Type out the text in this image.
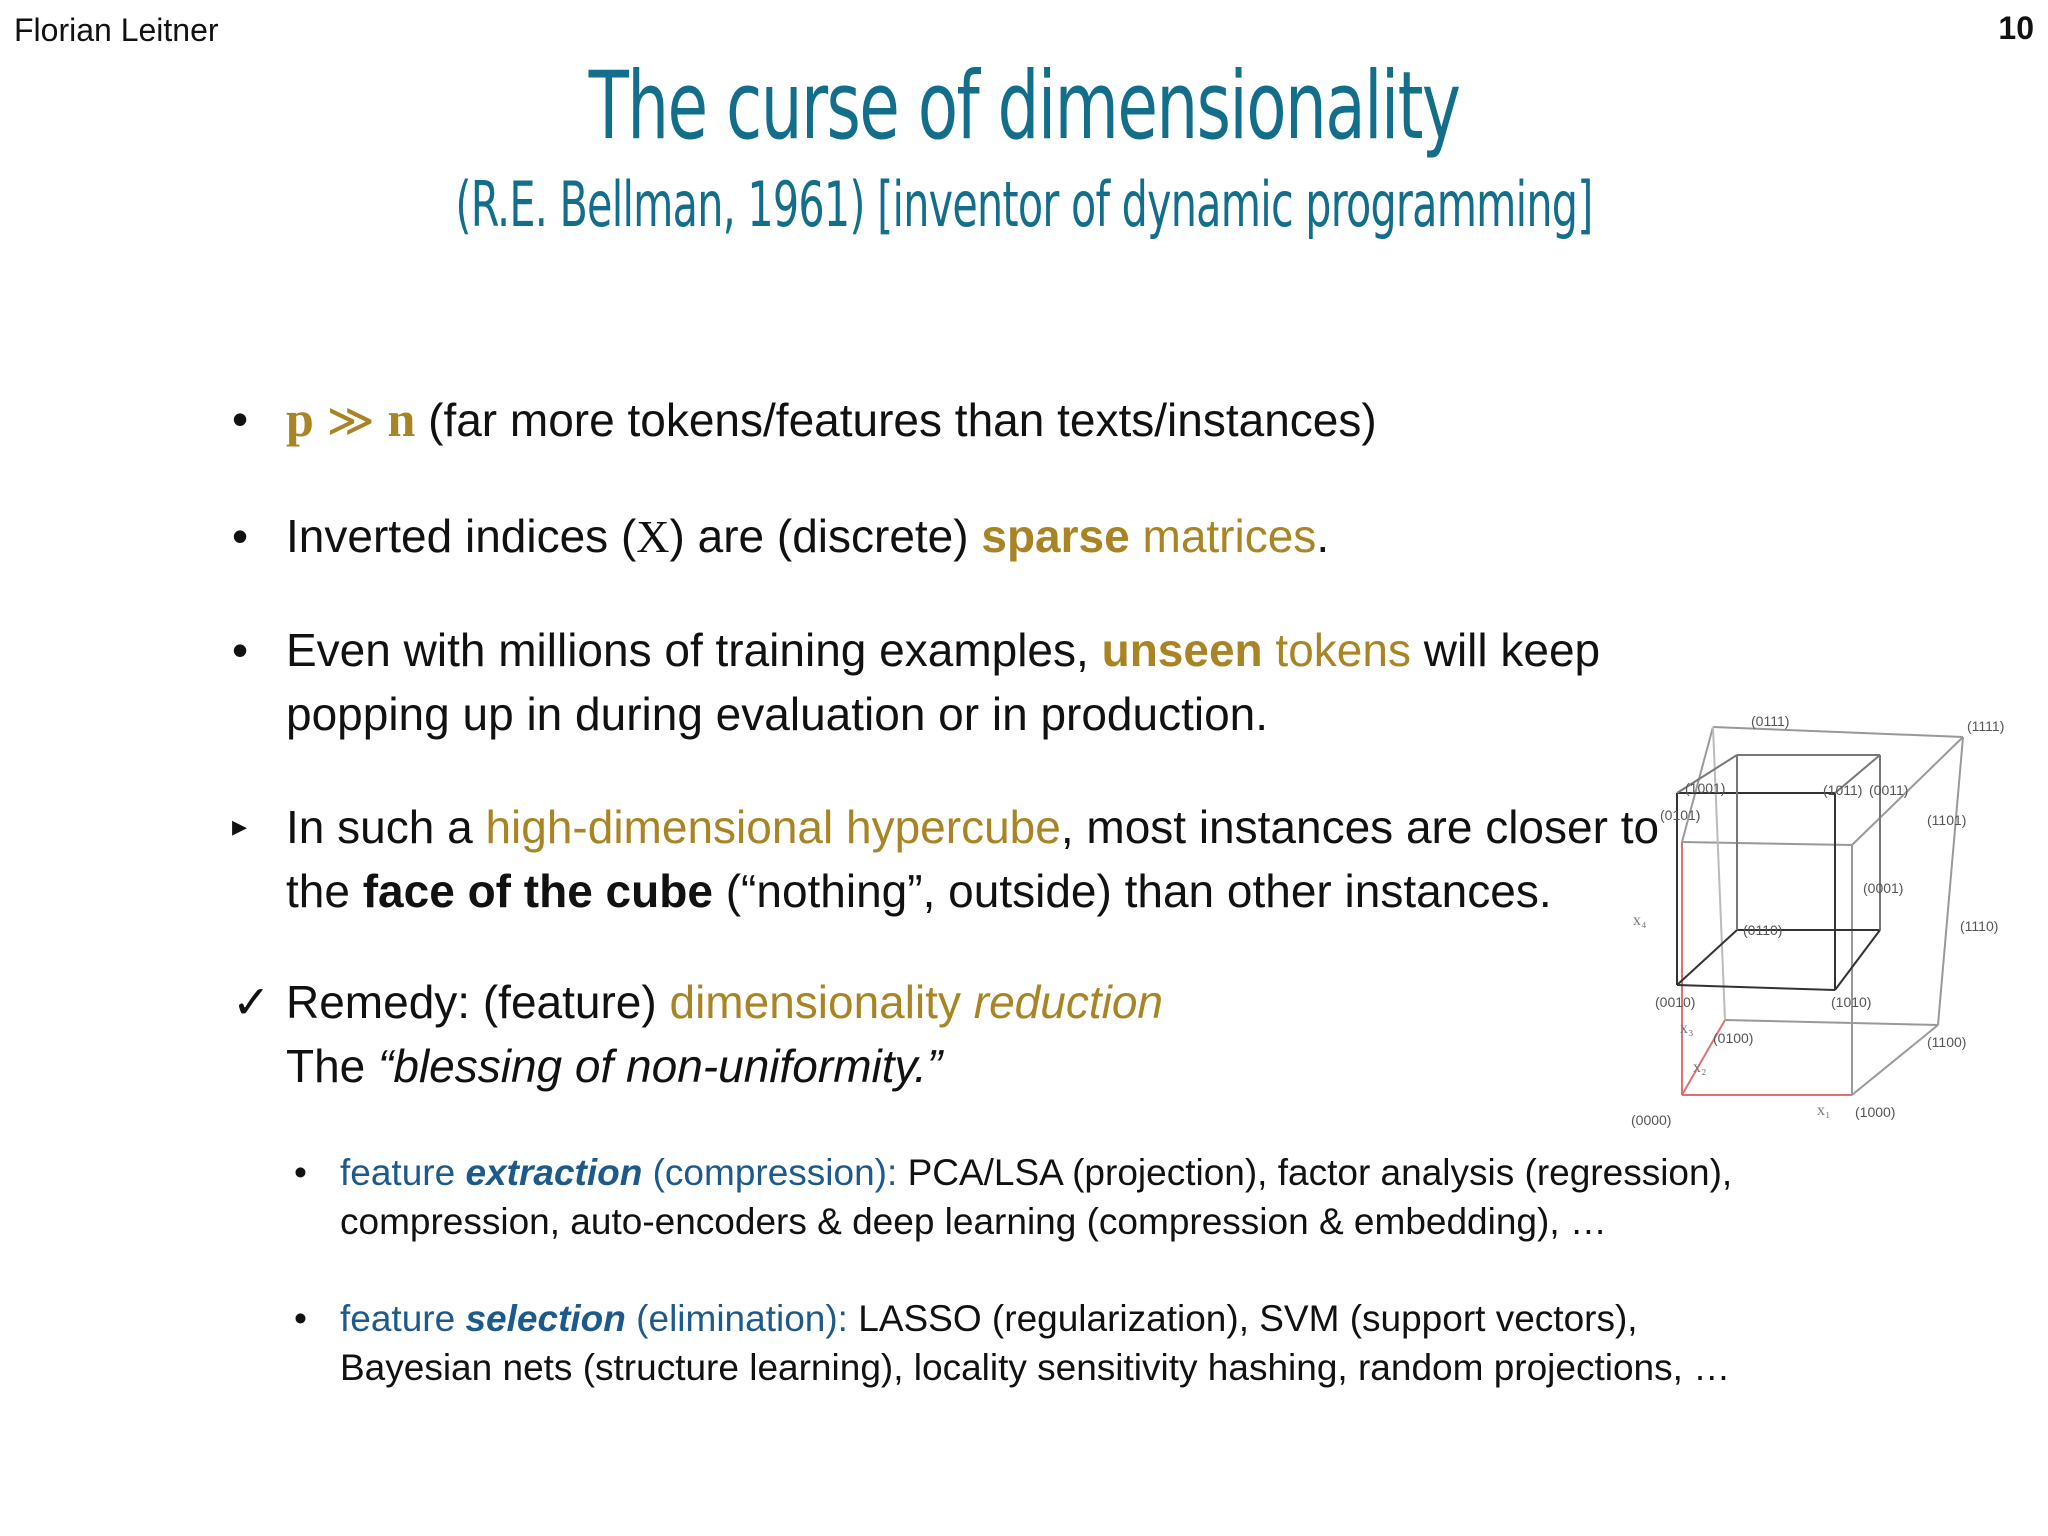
Florian Leitner	10
The curse of dimensionality
(R.E. Bellman, 1961) [inventor of dynamic programming]
• p ≫ n (far more tokens/features than texts/instances)
• Inverted indices (X) are (discrete) sparse matrices.
• Even with millions of training examples, unseen tokens will keep
popping up in during evaluation or in production.
(0000)	(1000)
(0100)
(0010)
(1100)
(1010)
(0110)	(1110)
(0001)
(0011)
(1101)
(1011)
(0111)	(1111)
(1001)
(0101)
x₁
x₂
x₃
x₄
▸ In such a high-dimensional hypercube, most instances are closer to
the face of the cube (“nothing”, outside) than other instances.
✓ Remedy: (feature) dimensionality reduction
The “blessing of non-uniformity.”
• feature extraction (compression): PCA/LSA (projection), factor analysis (regression),
compression, auto-encoders & deep learning (compression & embedding), …
• feature selection (elimination): LASSO (regularization), SVM (support vectors),
Bayesian nets (structure learning), locality sensitivity hashing, random projections, …
